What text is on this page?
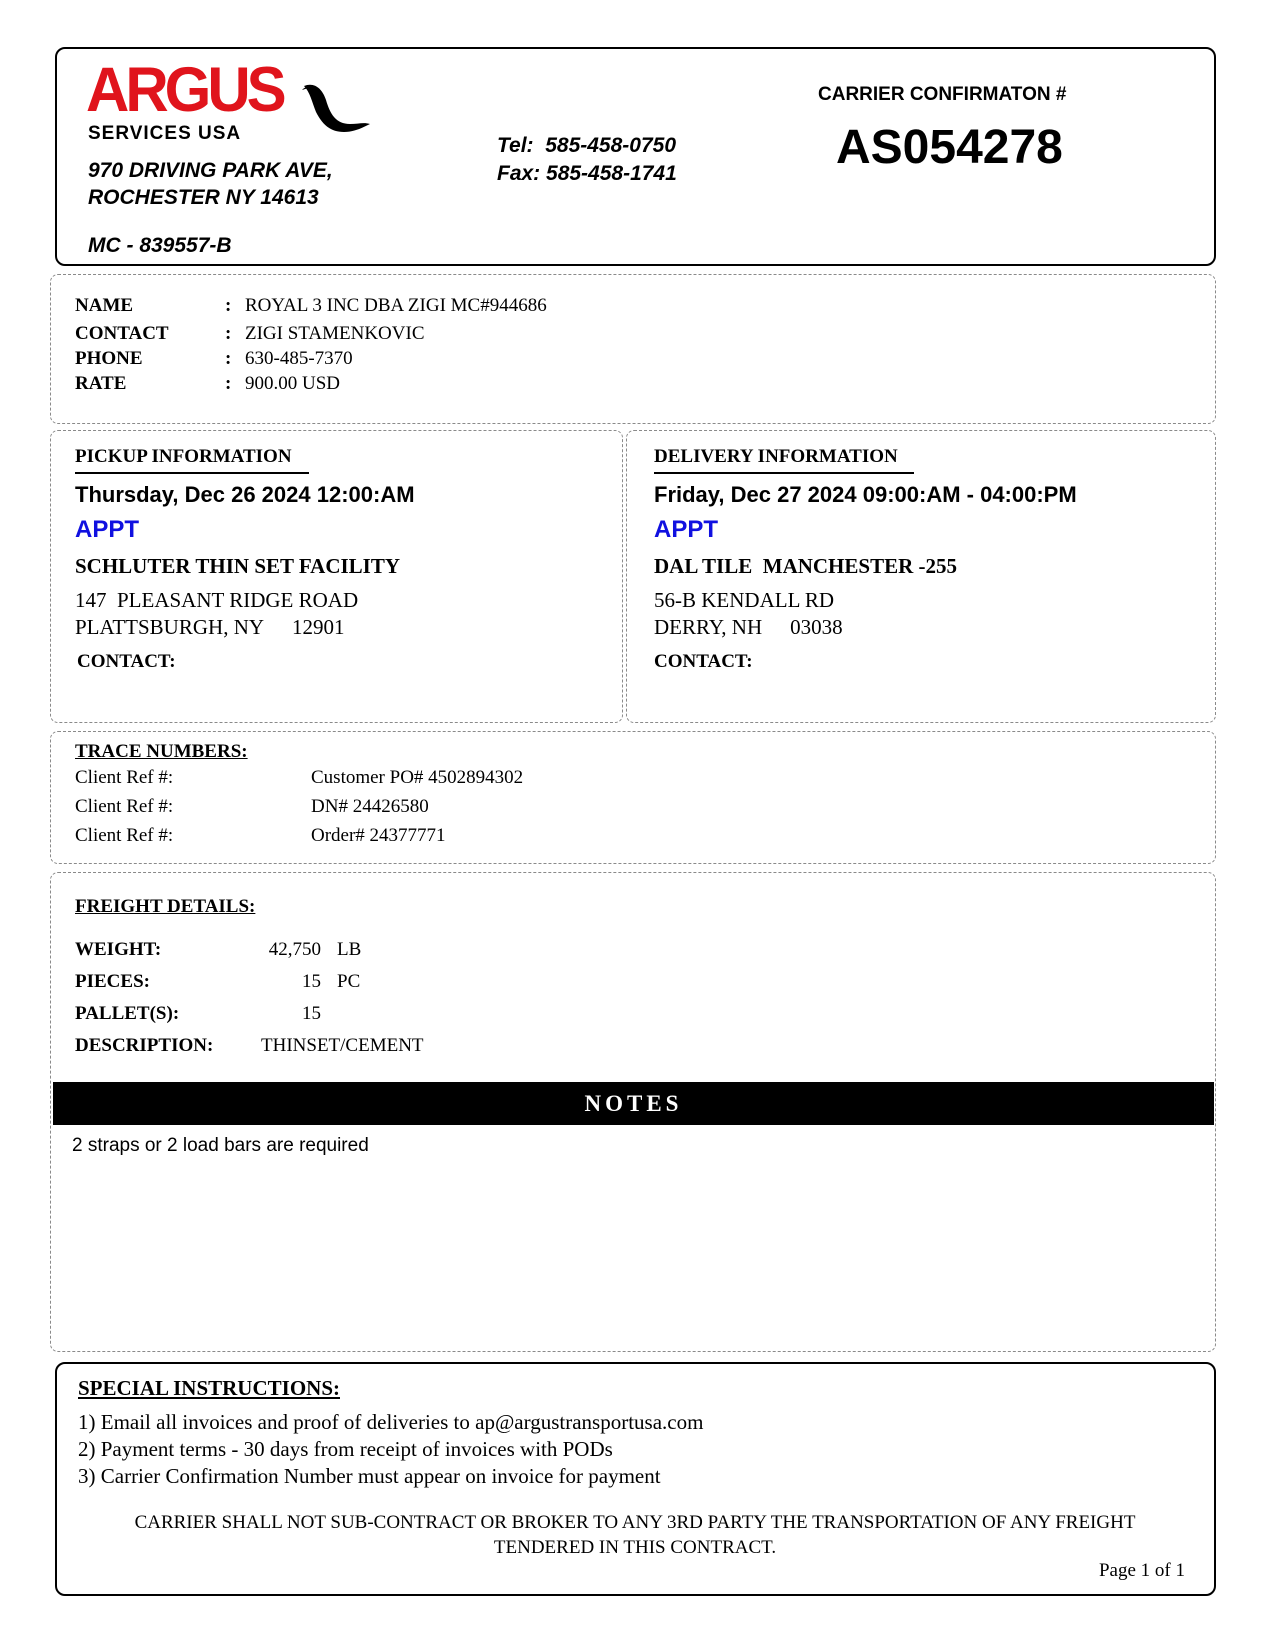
ARGUS
SERVICES USA
970 DRIVING PARK AVE,
ROCHESTER NY 14613
MC - 839557-B
Tel:  585-458-0750
Fax: 585-458-1741
CARRIER CONFIRMATON #
AS054278
NAME	: ROYAL 3 INC DBA ZIGI MC#944686
CONTACT	: ZIGI STAMENKOVIC
PHONE	: 630-485-7370
RATE	: 900.00 USD
PICKUP INFORMATION
Thursday, Dec 26 2024 12:00:AM
APPT
SCHLUTER THIN SET FACILITY
147  PLEASANT RIDGE ROAD
PLATTSBURGH, NY 12901
CONTACT:
DELIVERY INFORMATION
Friday, Dec 27 2024 09:00:AM - 04:00:PM
APPT
DAL TILE  MANCHESTER -255
56-B KENDALL RD
DERRY, NH 03038
CONTACT:
TRACE NUMBERS:
Client Ref #:	Customer PO# 4502894302
Client Ref #:	DN# 24426580
Client Ref #:	Order# 24377771
FREIGHT DETAILS:
WEIGHT:	42,750 LB
PIECES:	15 PC
PALLET(S):	15
DESCRIPTION:	THINSET/CEMENT
NOTES
2 straps or 2 load bars are required
SPECIAL INSTRUCTIONS:
1) Email all invoices and proof of deliveries to ap@argustransportusa.com
2) Payment terms - 30 days from receipt of invoices with PODs
3) Carrier Confirmation Number must appear on invoice for payment
CARRIER SHALL NOT SUB-CONTRACT OR BROKER TO ANY 3RD PARTY THE TRANSPORTATION OF ANY FREIGHT
TENDERED IN THIS CONTRACT.
Page 1 of 1
